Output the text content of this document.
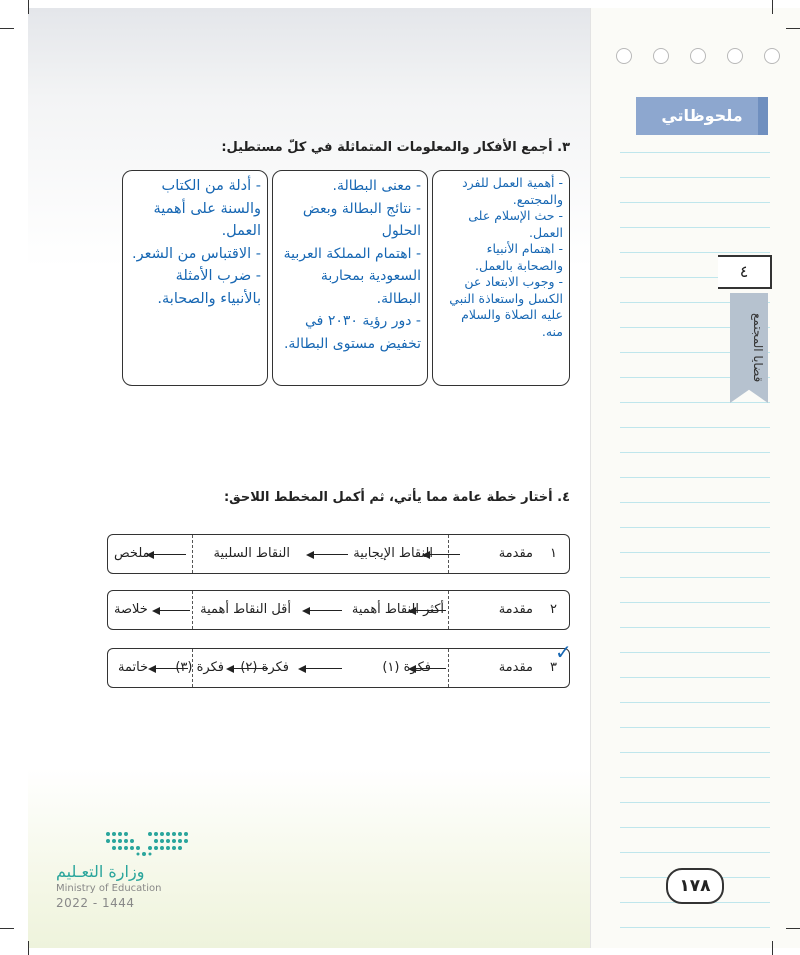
ملحوظاتي
٤
قضايا المجتمع
١٧٨
٣. أجمع الأفكار والمعلومات المتماثلة في كلّ مستطيل:

- أهمية العمل للفرد
والمجتمع.
- حث الإسلام على
العمل.
- اهتمام الأنبياء
والصحابة بالعمل.
- وجوب الابتعاد عن
الكسل واستعاذة النبي
عليه الصلاة والسلام
منه.

- معنى البطالة.
- نتائج البطالة وبعض
الحلول
- اهتمام المملكة العربية
السعودية بمحاربة
البطالة.
- دور رؤية ٢٠٣٠ في
تخفيض مستوى البطالة.

- أدلة من الكتاب
والسنة على أهمية
العمل.
- الاقتباس من الشعر.
- ضرب الأمثلة
بالأنبياء والصحابة.

٤. أختار خطة عامة مما يأتي، ثم أكمل المخطط اللاحق:
١
مقدمة
النقاط الإيجابية
النقاط السلبية
ملخص
٢
مقدمة
أكثر النقاط أهمية
أقل النقاط أهمية
خلاصة
٣
مقدمة
فكرة (١)
فكرة (٢)
فكرة (٣)
خاتمة
✓
وزارة التعـليم
Ministry of Education
2022 - 1444
